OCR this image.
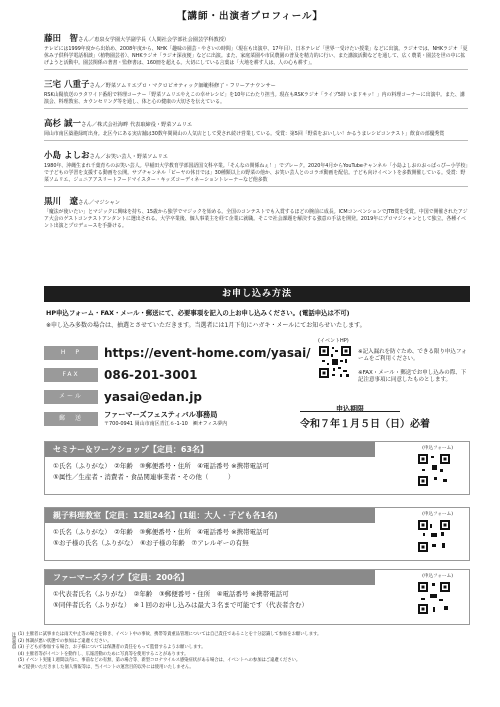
【講師・出演者プロフィール】
藤田　智さん／恵泉女学園大学副学長（人間社会学部社会園芸学科教授）
テレビには1999年度から出始め、2008年度から、NHK「趣味の園芸・やさいの時間」（現在も出演中、17年目）、日本テレビ「世界一受けたい授業」などに出演。ラジオでは、NHKラジオ「夏休み子供科学電話相談」（植物園芸者）、NHKラジオ「ラジオ深夜便」などに出演。また、家庭菜園や市民農園の普及を精力的に行い、また講演活動などを通して、広く農業・園芸を世の中に拡げようと活動中。園芸関係の著書・監修書は、160冊を超える。大切にしている言葉は「大地を耕す人は、人の心も耕す」。
三宅 八重子さん／野菜ソムリエプロ・マクロビオティック師範科修了・フリーアナウンサー
RSK山陽放送のラタワイド番組で料理コーナー「野菜ソムリエやえこの幸せレシピ」を10年にわたり担当。現在もRSKラジオ「ライブ5時 いまドキッ！」内の料理コーナーに出演中。また、講演会、料理教室、カウンセリング等を通し、体と心の健康の大切さを伝えている。
高杉 誠一さん／株式会社海畔 代表取締役・野菜ソムリエ
岡山市南区築港緑町出身。北区今にある実店舗は30数年間岡山の人気店として愛され続け営業している。受賞：第5回「野菜をおいしい！かるうまレシピコンテスト」飲食の部優秀賞
小島 よしおさん／お笑い芸人・野菜ソムリエ
1980年、沖縄生まれ千葉育ちのお笑い芸人。早稲田大学教育学部国語国文科卒業。「そんなの関係ねぇ！」でブレーク。2020年4月からYouTubeチャンネル「小島よしおのおっぱっぴー小学校」で子どもの学習を支援する動画を公開。サブチャンネル「ピーヤの休日では」30種類以上の野菜の他か、お笑い芸人とのコラボ動画を配信。子ども向けイベントを多数開催している。受賞：野菜ソムリエ、ジュニアアスリートフードマイスター・キッズコーディネーショントレーナーなど他多数
黒川　遼さん／マジシャン
「魔法が使いたい」とマジックに興味を持ち、15歳から独学でマジックを始める。全国のコンテストでも入賞するほどの腕前に成長。ICMコンベンションでJTB賞を受賞。中国で開催されたアジア大会のゲストコンテストアンタントに選出される。大学卒業後、個人事業主を経て企業に就職。そこで社会課題を解決する強意の手法を開発。2019年にプロマジシャンとして独立。各種イベント出演とプロデュースを手掛ける。
お申し込み方法
HP申込フォーム・FAX・メール・郵送にて、必要事項を記入の上お申し込みください。(電話申込は不可)
※申し込み多数の場合は、抽選とさせていただきます。当選者には1月下旬にハガキ・メールにてお知らせいたします。
H　P	https://event-home.com/yasai/
FAX	086-201-3001
メール	yasai@edan.jp
郵　送	ファーマーズフェスティバル事務局
〒700-0941 岡山市南区青江６-1-10　㈱オフィス夢内
(イベントHP)
※記入漏れを防ぐため、できる限り申込フォームをご利用ください。
※FAX・メール・郵送でお申し込みの際、下記注意事項に同意したものとします。
申込期限
令和７年１月５日（日）必着
セミナー＆ワークショップ【定員：63名】
①氏名（ふりがな）　②年齢　③郵便番号・住所　④電話番号 ※携帯電話可
⑤属性／生産者・消費者・食品関連事業者・その他（　　　）
(申込フォーム)
親子料理教室【定員：12組24名】(1組：大人・子ども各1名)
①氏名（ふりがな）　②年齢　③郵便番号・住所　④電話番号 ※携帯電話可
⑤お子様の氏名（ふりがな）　⑥お子様の年齢　⑦アレルギーの有無
(申込フォーム)
ファーマーズライブ【定員：200名】
①代表者氏名（ふりがな）　②年齢　③郵便番号・住所　④電話番号 ※携帯電話可
⑤同伴者氏名（ふりがな）　※１回のお申し込みは最大３名まで可能です（代表者含む）
(申込フォーム)
注意事項 (1) 主催者に試事または雨天中止等の場合を除き、イベント中の事故、携帯等貴重品管理については自己責任であることを十分認識して参加をお願いします。
(2) 体調が悪い状態での参加はご遠慮ください。
(3) 子どもが参加する場合、お子様については保護者の責任をもって監督するようお願いします。
(4) 主催者等がイベントを動作し、広報活動のために写真等を使用することがあります。
(5) イベント実施１週間以内に、事前などの有無、第の場合等、新型コロナウイルス感染症状がある場合は、イベントへの参加はご遠慮ください。
※ご提供いただきました個人情報等は、当イベントの運営目的以外には使用いたしません。
